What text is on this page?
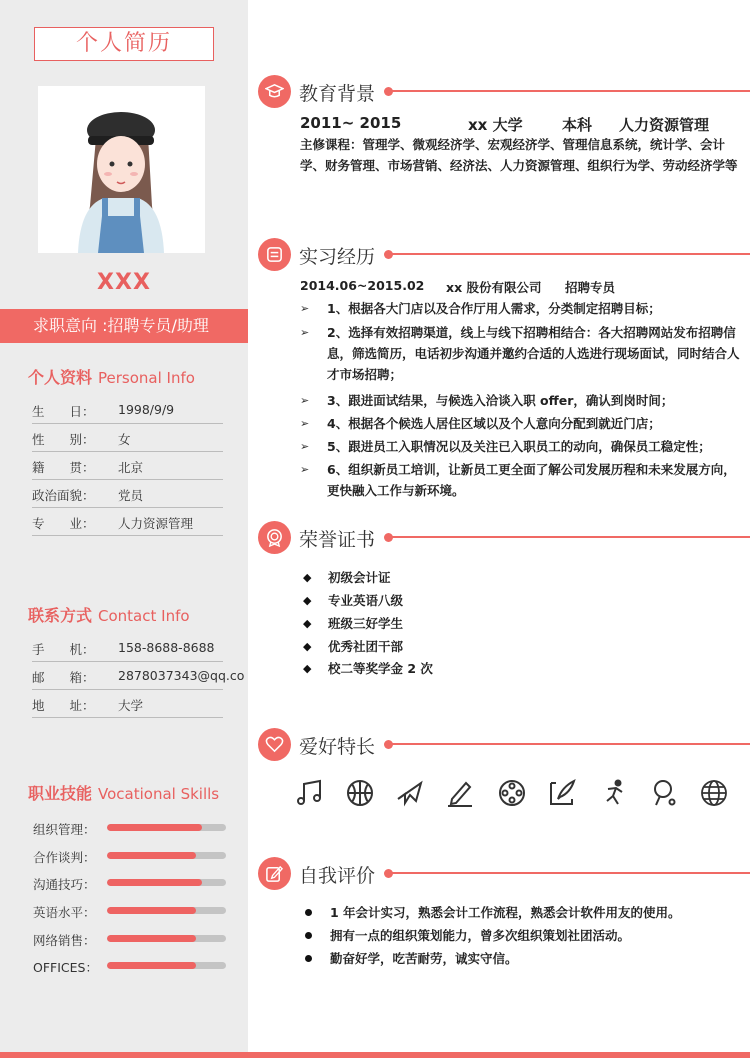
个人简历
XXX
求职意向 :招聘专员/助理
个人资料 Personal Info
生　　日： 1998/9/9
性　　别： 女
籍　　贯： 北京
政治面貌： 党员
专　　业： 人力资源管理
联系方式 Contact Info
手　　机： 158-8688-8688
邮　　箱： 2878037343@qq.co
地　　址： 大学
职业技能 Vocational Skills
组织管理：
合作谈判：
沟通技巧：
英语水平：
网络销售：
OFFICES：
教育背景
2011~ 2015	xx 大学	本科 人力资源管理
主修课程：管理学、微观经济学、宏观经济学、管理信息系统，统计学、会计学、财务管理、市场营销、经济法、人力资源管理、组织行为学、劳动经济学等
实习经历
2014.06~2015.02 xx 股份有限公司 招聘专员
➢ 1、根据各大门店以及合作厅用人需求，分类制定招聘目标；
➢ 2、选择有效招聘渠道，线上与线下招聘相结合：各大招聘网站发布招聘信息，筛选简历，电话初步沟通并邀约合适的人选进行现场面试，同时结合人才市场招聘；
➢ 3、跟进面试结果，与候选入洽谈入职 offer，确认到岗时间；
➢ 4、根据各个候选人居住区域以及个人意向分配到就近门店；
➢ 5、跟进员工入职情况以及关注已入职员工的动向，确保员工稳定性；
➢ 6、组织新员工培训，让新员工更全面了解公司发展历程和未来发展方向，更快融入工作与新环境。
荣誉证书
◆ 初级会计证
◆ 专业英语八级
◆ 班级三好学生
◆ 优秀社团干部
◆ 校二等奖学金 2 次
爱好特长
自我评价
1 年会计实习，熟悉会计工作流程，熟悉会计软件用友的使用。
拥有一点的组织策划能力，曾多次组织策划社团活动。
勤奋好学，吃苦耐劳，诚实守信。
